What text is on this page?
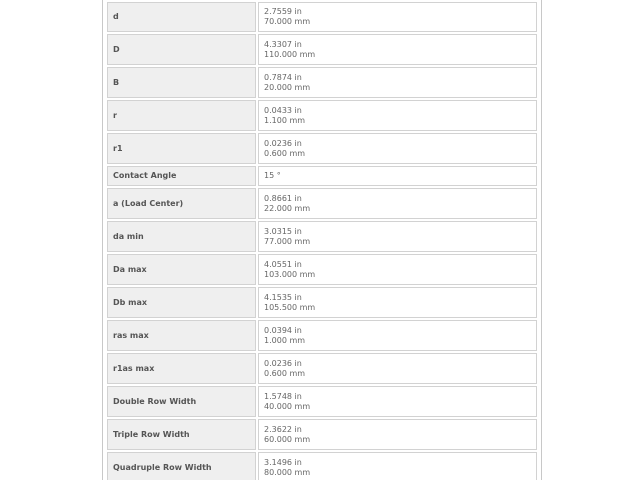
d	2.7559 in
70.000 mm

D	4.3307 in
110.000 mm

B	0.7874 in
20.000 mm

r	0.0433 in
1.100 mm

r1	0.0236 in
0.600 mm

Contact Angle	15 °

a (Load Center)	0.8661 in
22.000 mm

da min	3.0315 in
77.000 mm

Da max	4.0551 in
103.000 mm

Db max	4.1535 in
105.500 mm

ras max	0.0394 in
1.000 mm

r1as max	0.0236 in
0.600 mm

Double Row Width	1.5748 in
40.000 mm

Triple Row Width	2.3622 in
60.000 mm

Quadruple Row Width	3.1496 in
80.000 mm
